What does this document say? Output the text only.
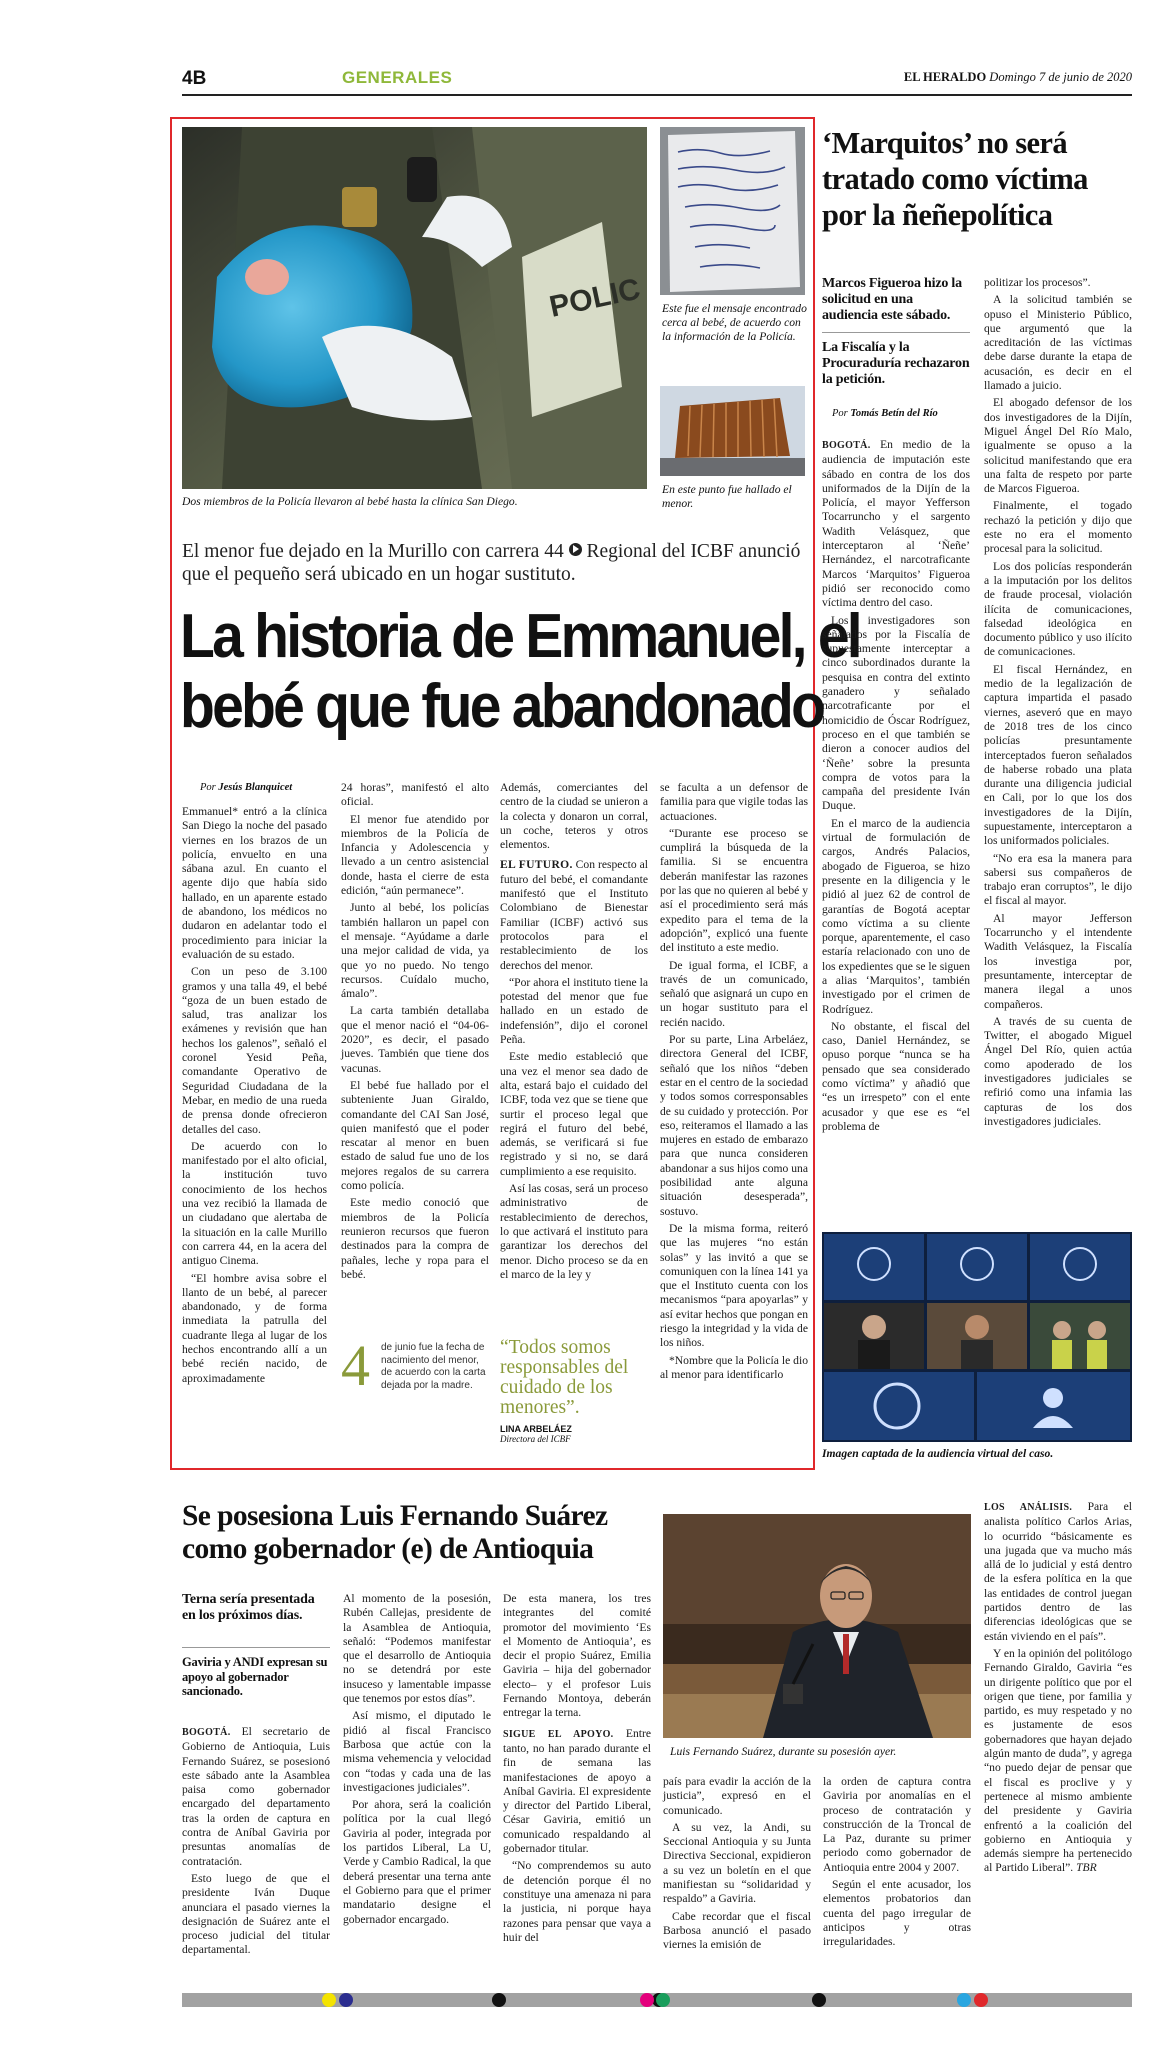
4B	GENERALES	EL HERALDO Domingo 7 de junio de 2020
POLIC
Dos miembros de la Policía llevaron al bebé hasta la clínica San Diego.
Este fue el mensaje encontrado cerca al bebé, de acuerdo con la información de la Policía.
En este punto fue hallado el menor.
El menor fue dejado en la Murillo con carrera 44 Regional del ICBF anunció que el pequeño será ubicado en un hogar sustituto.
La historia de Emmanuel, el
bebé que fue abandonado
Por Jesús Blanquicet

Emmanuel* entró a la clínica San Diego la noche del pasado viernes en los brazos de un policía, envuelto en una sábana azul. En cuanto el agente dijo que había sido hallado, en un aparente estado de abandono, los médicos no dudaron en adelantar todo el procedimiento para iniciar la evaluación de su estado.

Con un peso de 3.100 gramos y una talla 49, el bebé “goza de un buen estado de salud, tras analizar los exámenes y revisión que han hechos los galenos”, señaló el coronel Yesid Peña, comandante Operativo de Seguridad Ciudadana de la Mebar, en medio de una rueda de prensa donde ofrecieron detalles del caso.

De acuerdo con lo manifestado por el alto oficial, la institución tuvo conocimiento de los hechos una vez recibió la llamada de un ciudadano que alertaba de la situación en la calle Murillo con carrera 44, en la acera del antiguo Cinema.

“El hombre avisa sobre el llanto de un bebé, al parecer abandonado, y de forma inmediata la patrulla del cuadrante llega al lugar de los hechos encontrando allí a un bebé recién nacido, de aproximadamente

24 horas”, manifestó el alto oficial.

El menor fue atendido por miembros de la Policía de Infancia y Adolescencia y llevado a un centro asistencial donde, hasta el cierre de esta edición, “aún permanece”.

Junto al bebé, los policías también hallaron un papel con el mensaje. “Ayúdame a darle una mejor calidad de vida, ya que yo no puedo. No tengo recursos. Cuídalo mucho, ámalo”.

La carta también detallaba que el menor nació el “04-06-2020”, es decir, el pasado jueves. También que tiene dos vacunas.

El bebé fue hallado por el subteniente Juan Giraldo, comandante del CAI San José, quien manifestó que el poder rescatar al menor en buen estado de salud fue uno de los mejores regalos de su carrera como policía.

Este medio conoció que miembros de la Policía reunieron recursos que fueron destinados para la compra de pañales, leche y ropa para el bebé.

Además, comerciantes del centro de la ciudad se unieron a la colecta y donaron un corral, un coche, teteros y otros elementos.

EL FUTURO. Con respecto al futuro del bebé, el comandante manifestó que el Instituto Colombiano de Bienestar Familiar (ICBF) activó sus protocolos para el restablecimiento de los derechos del menor.

“Por ahora el instituto tiene la potestad del menor que fue hallado en un estado de indefensión”, dijo el coronel Peña.

Este medio estableció que una vez el menor sea dado de alta, estará bajo el cuidado del ICBF, toda vez que se tiene que surtir el proceso legal que regirá el futuro del bebé, además, se verificará si fue registrado y si no, se dará cumplimiento a ese requisito.

Así las cosas, será un proceso administrativo de restablecimiento de derechos, lo que activará el instituto para garantizar los derechos del menor. Dicho proceso se da en el marco de la ley y

se faculta a un defensor de familia para que vigile todas las actuaciones.

“Durante ese proceso se cumplirá la búsqueda de la familia. Si se encuentra deberán manifestar las razones por las que no quieren al bebé y así el procedimiento será más expedito para el tema de la adopción”, explicó una fuente del instituto a este medio.

De igual forma, el ICBF, a través de un comunicado, señaló que asignará un cupo en un hogar sustituto para el recién nacido.

Por su parte, Lina Arbeláez, directora General del ICBF, señaló que los niños “deben estar en el centro de la sociedad y todos somos corresponsables de su cuidado y protección. Por eso, reiteramos el llamado a las mujeres en estado de embarazo para que nunca consideren abandonar a sus hijos como una posibilidad ante alguna situación desesperada”, sostuvo.

De la misma forma, reiteró que las mujeres “no están solas” y las invitó a que se comuniquen con la línea 141 ya que el Instituto cuenta con los mecanismos “para apoyarlas” y así evitar hechos que pongan en riesgo la integridad y la vida de los niños.

*Nombre que la Policía le dio al menor para identificarlo

4 de junio fue la fecha de nacimiento del menor, de acuerdo con la carta dejada por la madre.
“Todos somos responsables del cuidado de los menores”.
LINA ARBELÁEZ
Directora del ICBF
‘Marquitos’ no será tratado como víctima por la ñeñepolítica
Marcos Figueroa hizo la solicitud en una audiencia este sábado.
La Fiscalía y la Procuraduría rechazaron la petición.
Por Tomás Betín del Río

BOGOTÁ. En medio de la audiencia de imputación este sábado en contra de los dos uniformados de la Dijín de la Policía, el mayor Yefferson Tocarruncho y el sargento Wadith Velásquez, que interceptaron al ‘Ñeñe’ Hernández, el narcotraficante Marcos ‘Marquitos’ Figueroa pidió ser reconocido como víctima dentro del caso.

Los investigadores son señalados por la Fiscalía de supuestamente interceptar a cinco subordinados durante la pesquisa en contra del extinto ganadero y señalado narcotraficante por el homicidio de Óscar Rodríguez, proceso en el que también se dieron a conocer audios del ‘Ñeñe’ sobre la presunta compra de votos para la campaña del presidente Iván Duque.

En el marco de la audiencia virtual de formulación de cargos, Andrés Palacios, abogado de Figueroa, se hizo presente en la diligencia y le pidió al juez 62 de control de garantías de Bogotá aceptar como víctima a su cliente porque, aparentemente, el caso estaría relacionado con uno de los expedientes que se le siguen a alias ‘Marquitos’, también investigado por el crimen de Rodríguez.

No obstante, el fiscal del caso, Daniel Hernández, se opuso porque “nunca se ha pensado que sea considerado como víctima” y añadió que “es un irrespeto” con el ente acusador y que ese es “el problema de

politizar los procesos”.

A la solicitud también se opuso el Ministerio Público, que argumentó que la acreditación de las víctimas debe darse durante la etapa de acusación, es decir en el llamado a juicio.

El abogado defensor de los dos investigadores de la Dijín, Miguel Ángel Del Río Malo, igualmente se opuso a la solicitud manifestando que era una falta de respeto por parte de Marcos Figueroa.

Finalmente, el togado rechazó la petición y dijo que este no era el momento procesal para la solicitud.

Los dos policías responderán a la imputación por los delitos de fraude procesal, violación ilícita de comunicaciones, falsedad ideológica en documento público y uso ilícito de comunicaciones.

El fiscal Hernández, en medio de la legalización de captura impartida el pasado viernes, aseveró que en mayo de 2018 tres de los cinco policías presuntamente interceptados fueron señalados de haberse robado una plata durante una diligencia judicial en Cali, por lo que los dos investigadores de la Dijín, supuestamente, interceptaron a los uniformados policiales.

“No era esa la manera para sabersi sus compañeros de trabajo eran corruptos”, le dijo el fiscal al mayor.

Al mayor Jefferson Tocarruncho y el intendente Wadith Velásquez, la Fiscalía los investiga por, presuntamente, interceptar de manera ilegal a unos compañeros.

A través de su cuenta de Twitter, el abogado Miguel Ángel Del Río, quien actúa como apoderado de los investigadores judiciales se refirió como una infamia las capturas de los dos investigadores judiciales.

Imagen captada de la audiencia virtual del caso.
Se posesiona Luis Fernando Suárez
como gobernador (e) de Antioquia
Terna sería presentada en los próximos días.
Gaviria y ANDI expresan su apoyo al gobernador sancionado.

BOGOTÁ. El secretario de Gobierno de Antioquia, Luis Fernando Suárez, se posesionó este sábado ante la Asamblea paisa como gobernador encargado del departamento tras la orden de captura en contra de Aníbal Gaviria por presuntas anomalías de contratación.

Esto luego de que el presidente Iván Duque anunciara el pasado viernes la designación de Suárez ante el proceso judicial del titular departamental.

Al momento de la posesión, Rubén Callejas, presidente de la Asamblea de Antioquia, señaló: “Podemos manifestar que el desarrollo de Antioquia no se detendrá por este insuceso y lamentable impasse que tenemos por estos días”.

Así mismo, el diputado le pidió al fiscal Francisco Barbosa que actúe con la misma vehemencia y velocidad con “todas y cada una de las investigaciones judiciales”.

Por ahora, será la coalición política por la cual llegó Gaviria al poder, integrada por los partidos Liberal, La U, Verde y Cambio Radical, la que deberá presentar una terna ante el Gobierno para que el primer mandatario designe el gobernador encargado.

De esta manera, los tres integrantes del comité promotor del movimiento ‘Es el Momento de Antioquia’, es decir el propio Suárez, Emilia Gaviria – hija del gobernador electo– y el profesor Luis Fernando Montoya, deberán entregar la terna.

SIGUE EL APOYO. Entre tanto, no han parado durante el fin de semana las manifestaciones de apoyo a Aníbal Gaviria. El expresidente y director del Partido Liberal, César Gaviria, emitió un comunicado respaldando al gobernador titular.

“No comprendemos su auto de detención porque él no constituye una amenaza ni para la justicia, ni porque haya razones para pensar que vaya a huir del

Luis Fernando Suárez, durante su posesión ayer.

país para evadir la acción de la justicia”, expresó en el comunicado.

A su vez, la Andi, su Seccional Antioquia y su Junta Directiva Seccional, expidieron a su vez un boletín en el que manifiestan su “solidaridad y respaldo” a Gaviria.

Cabe recordar que el fiscal Barbosa anunció el pasado viernes la emisión de

la orden de captura contra Gaviria por anomalías en el proceso de contratación y construcción de la Troncal de La Paz, durante su primer periodo como gobernador de Antioquia entre 2004 y 2007.

Según el ente acusador, los elementos probatorios dan cuenta del pago irregular de anticipos y otras irregularidades.

LOS ANÁLISIS. Para el analista político Carlos Arias, lo ocurrido “básicamente es una jugada que va mucho más allá de lo judicial y está dentro de la esfera política en la que las entidades de control juegan partidos dentro de las diferencias ideológicas que se están viviendo en el país”.

Y en la opinión del politólogo Fernando Giraldo, Gaviria “es un dirigente político que por el origen que tiene, por familia y partido, es muy respetado y no es justamente de esos gobernadores que hayan dejado algún manto de duda”, y agrega “no puedo dejar de pensar que el fiscal es proclive y y pertenece al mismo ambiente del presidente y Gaviria enfrentó a la coalición del gobierno en Antioquia y además siempre ha pertenecido al Partido Liberal”. TBR
